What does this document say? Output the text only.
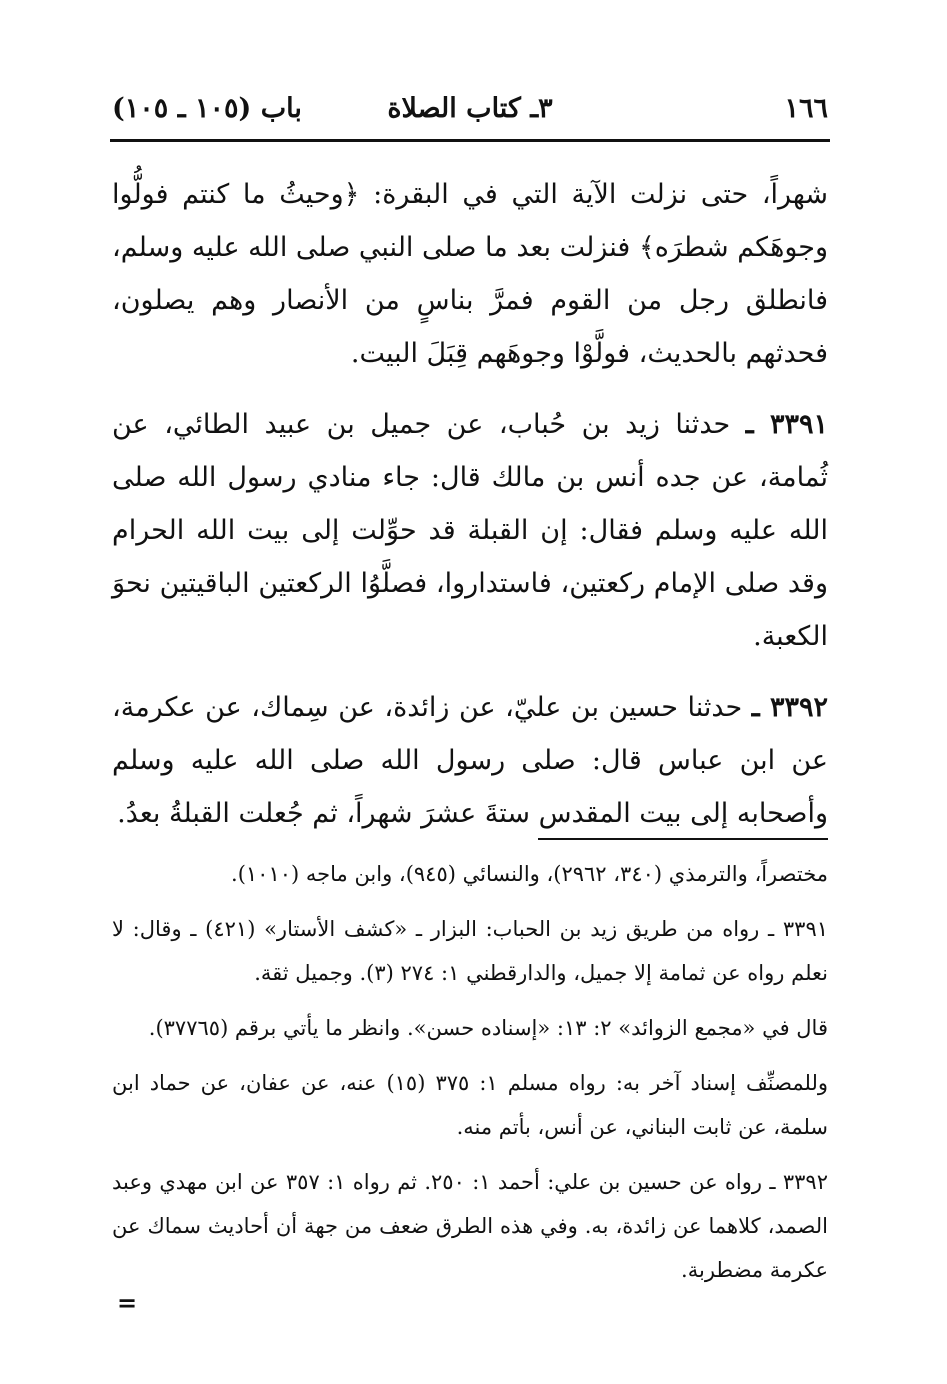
١٦٦
٣ـ كتاب الصلاة
باب (١٠٥ ـ ١٠٥)

شهراً، حتى نزلت الآية التي في البقرة: ﴿وحيثُ ما كنتم فولُّوا وجوهَكم شطرَه﴾ فنزلت بعد ما صلى النبي صلى الله عليه وسلم، فانطلق رجل من القوم فمرَّ بناسٍ من الأنصار وهم يصلون، فحدثهم بالحديث، فولَّوْا وجوهَهم قِبَلَ البيت.

٣٣٩١ ـ حدثنا زيد بن حُباب، عن جميل بن عبيد الطائي، عن ثُمامة، عن جده أنس بن مالك قال: جاء منادي رسول الله صلى الله عليه وسلم فقال: إن القبلة قد حوِّلت إلى بيت الله الحرام وقد صلى الإمام ركعتين، فاستداروا، فصلَّوُا الركعتين الباقيتين نحوَ الكعبة.

٣٣٩٢ ـ حدثنا حسين بن عليّ، عن زائدة، عن سِماك، عن عكرمة، عن ابن عباس قال: صلى رسول الله صلى الله عليه وسلم وأصحابه إلى بيت المقدس ستةَ عشرَ شهراً، ثم جُعلت القبلةُ بعدُ.

مختصراً، والترمذي (٣٤٠، ٢٩٦٢)، والنسائي (٩٤٥)، وابن ماجه (١٠١٠).

٣٣٩١ ـ رواه من طريق زيد بن الحباب: البزار ـ «كشف الأستار» (٤٢١) ـ وقال: لا نعلم رواه عن ثمامة إلا جميل، والدارقطني ١: ٢٧٤ (٣). وجميل ثقة.

قال في «مجمع الزوائد» ٢: ١٣: «إسناده حسن». وانظر ما يأتي برقم (٣٧٧٦٥).

وللمصنِّف إسناد آخر به: رواه مسلم ١: ٣٧٥ (١٥) عنه، عن عفان، عن حماد ابن سلمة، عن ثابت البناني، عن أنس، بأتم منه.

٣٣٩٢ ـ رواه عن حسين بن علي: أحمد ١: ٢٥٠. ثم رواه ١: ٣٥٧ عن ابن مهدي وعبد الصمد، كلاهما عن زائدة، به. وفي هذه الطرق ضعف من جهة أن أحاديث سماك عن عكرمة مضطربة.

=
